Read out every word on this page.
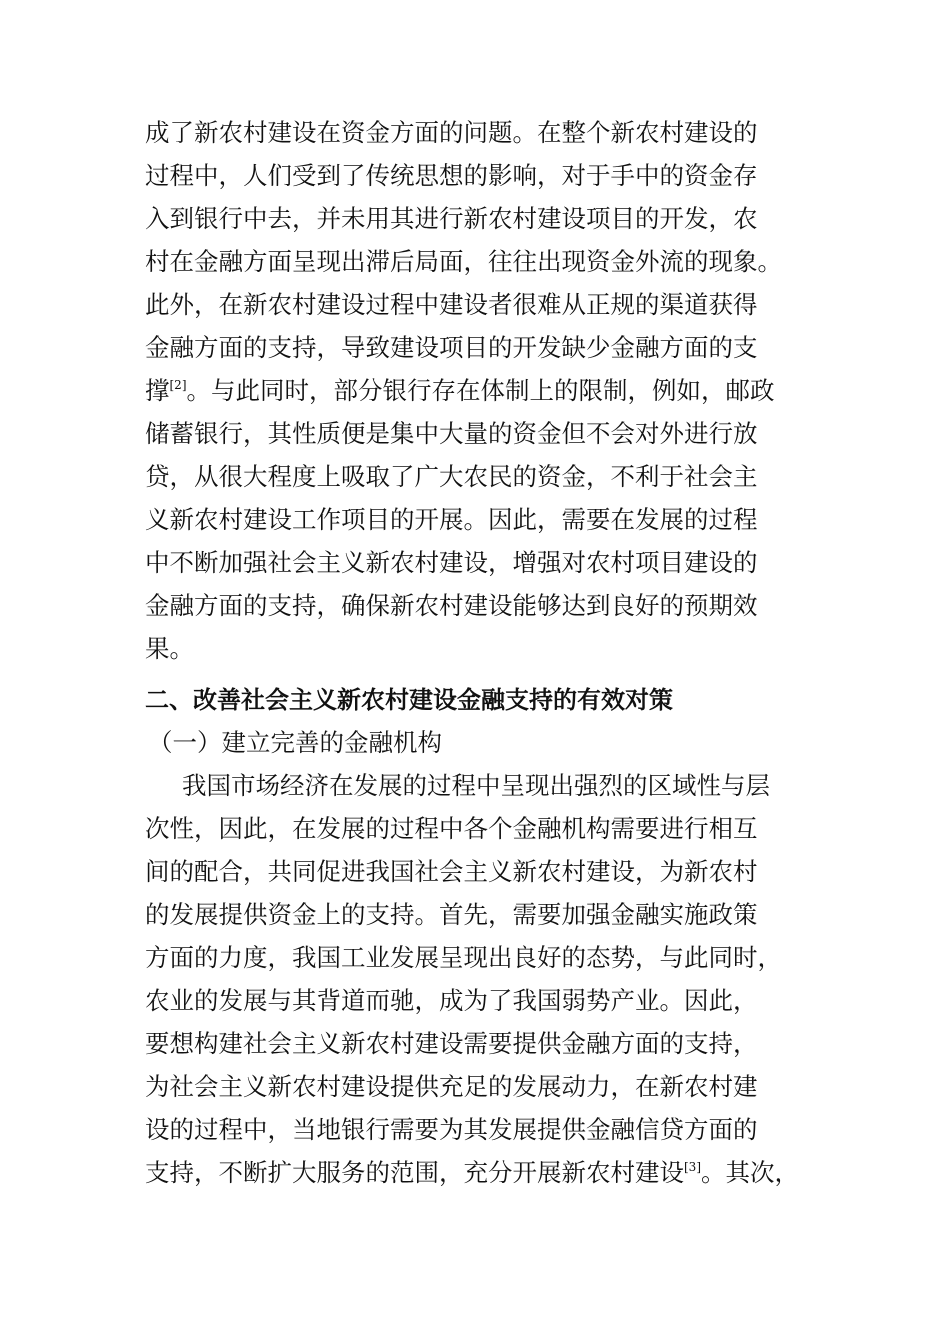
成了新农村建设在资金方面的问题。在整个新农村建设的
过程中，人们受到了传统思想的影响，对于手中的资金存
入到银行中去，并未用其进行新农村建设项目的开发，农
村在金融方面呈现出滞后局面，往往出现资金外流的现象。
此外，在新农村建设过程中建设者很难从正规的渠道获得
金融方面的支持，导致建设项目的开发缺少金融方面的支
撑[2]。与此同时，部分银行存在体制上的限制，例如，邮政
储蓄银行，其性质便是集中大量的资金但不会对外进行放
贷，从很大程度上吸取了广大农民的资金，不利于社会主
义新农村建设工作项目的开展。因此，需要在发展的过程
中不断加强社会主义新农村建设，增强对农村项目建设的
金融方面的支持，确保新农村建设能够达到良好的预期效
果。
二、改善社会主义新农村建设金融支持的有效对策
（一）建立完善的金融机构
我国市场经济在发展的过程中呈现出强烈的区域性与层
次性，因此，在发展的过程中各个金融机构需要进行相互
间的配合，共同促进我国社会主义新农村建设，为新农村
的发展提供资金上的支持。首先，需要加强金融实施政策
方面的力度，我国工业发展呈现出良好的态势，与此同时，
农业的发展与其背道而驰，成为了我国弱势产业。因此，
要想构建社会主义新农村建设需要提供金融方面的支持，
为社会主义新农村建设提供充足的发展动力，在新农村建
设的过程中，当地银行需要为其发展提供金融信贷方面的
支持，不断扩大服务的范围，充分开展新农村建设[3]。其次，
